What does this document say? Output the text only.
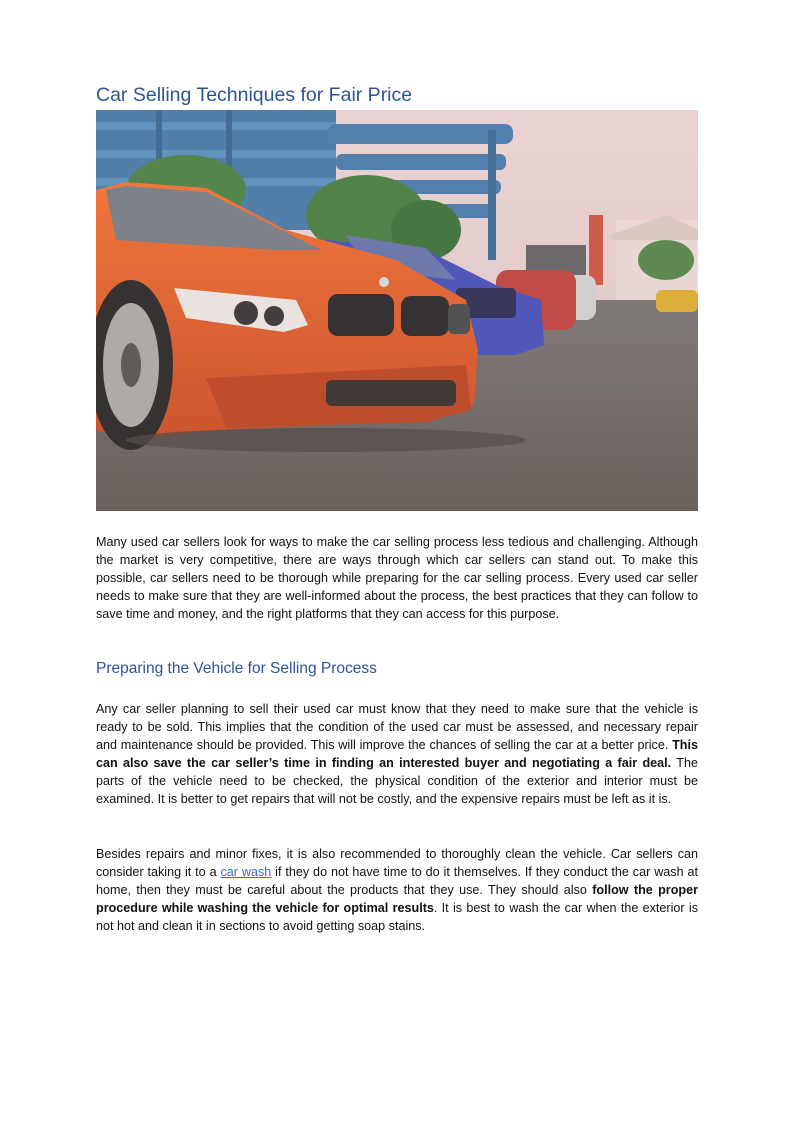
Car Selling Techniques for Fair Price

Many used car sellers look for ways to make the car selling process less tedious and challenging. Although the market is very competitive, there are ways through which car sellers can stand out. To make this possible, car sellers need to be thorough while preparing for the car selling process. Every used car seller needs to make sure that they are well-informed about the process, the best practices that they can follow to save time and money, and the right platforms that they can access for this purpose.

Preparing the Vehicle for Selling Process

Any car seller planning to sell their used car must know that they need to make sure that the vehicle is ready to be sold. This implies that the condition of the used car must be assessed, and necessary repair and maintenance should be provided. This will improve the chances of selling the car at a better price. This can also save the car seller’s time in finding an interested buyer and negotiating a fair deal. The parts of the vehicle need to be checked, the physical condition of the exterior and interior must be examined. It is better to get repairs that will not be costly, and the expensive repairs must be left as it is.

Besides repairs and minor fixes, it is also recommended to thoroughly clean the vehicle. Car sellers can consider taking it to a car wash if they do not have time to do it themselves. If they conduct the car wash at home, then they must be careful about the products that they use. They should also follow the proper procedure while washing the vehicle for optimal results. It is best to wash the car when the exterior is not hot and clean it in sections to avoid getting soap stains.
